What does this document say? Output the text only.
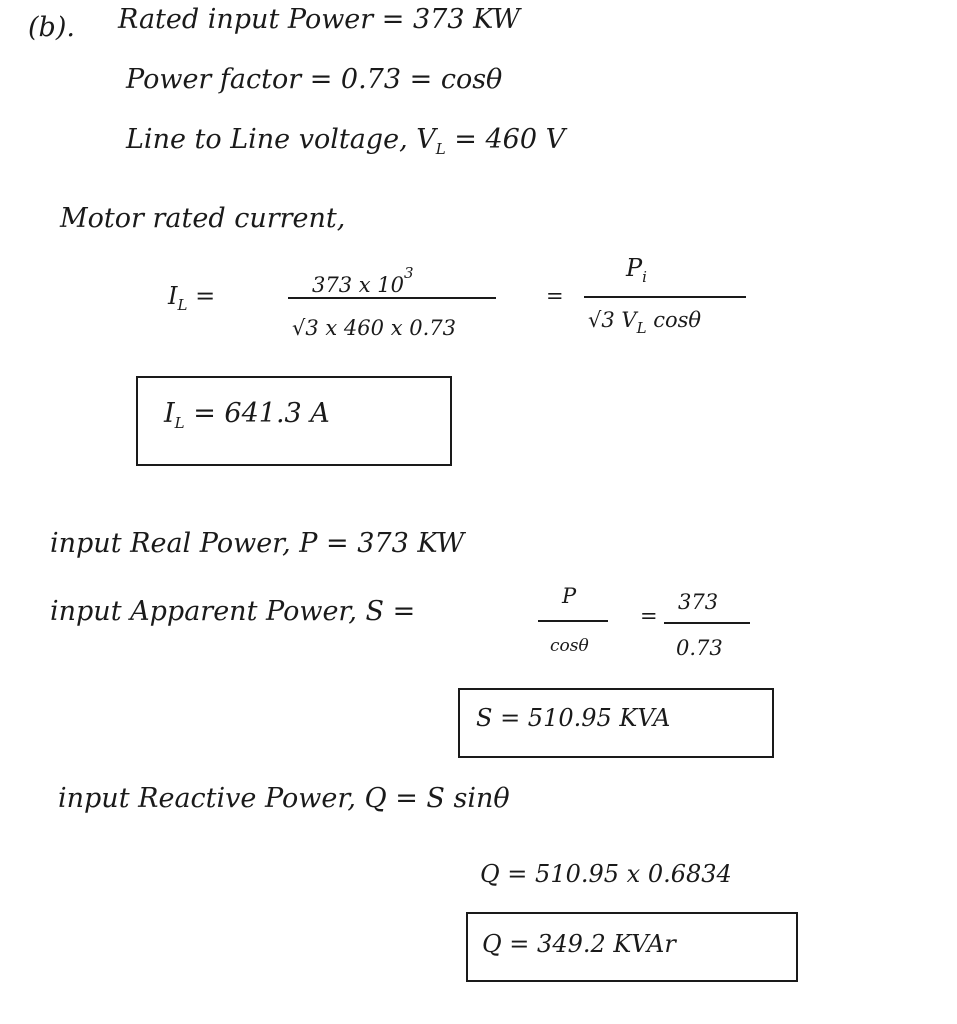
(b). Rated input Power = 373 KW
Power factor = 0.73 = cosθ
Line to Line voltage, $V_L = 460$ V
Motor rated current,
$I_L$ =	373 x $10^3$
√3 x 460 x 0.73
=
$P_i$
√3 $V_L$ cosθ
$I_L = 641.3$ A
input Real Power, P = 373 KW
input Apparent Power, S =	P
cosθ
=
373
0.73
S = 510.95 KVA
input Reactive Power, Q = S sinθ
Q = 510.95 x 0.6834
Q = 349.2 KVAr
